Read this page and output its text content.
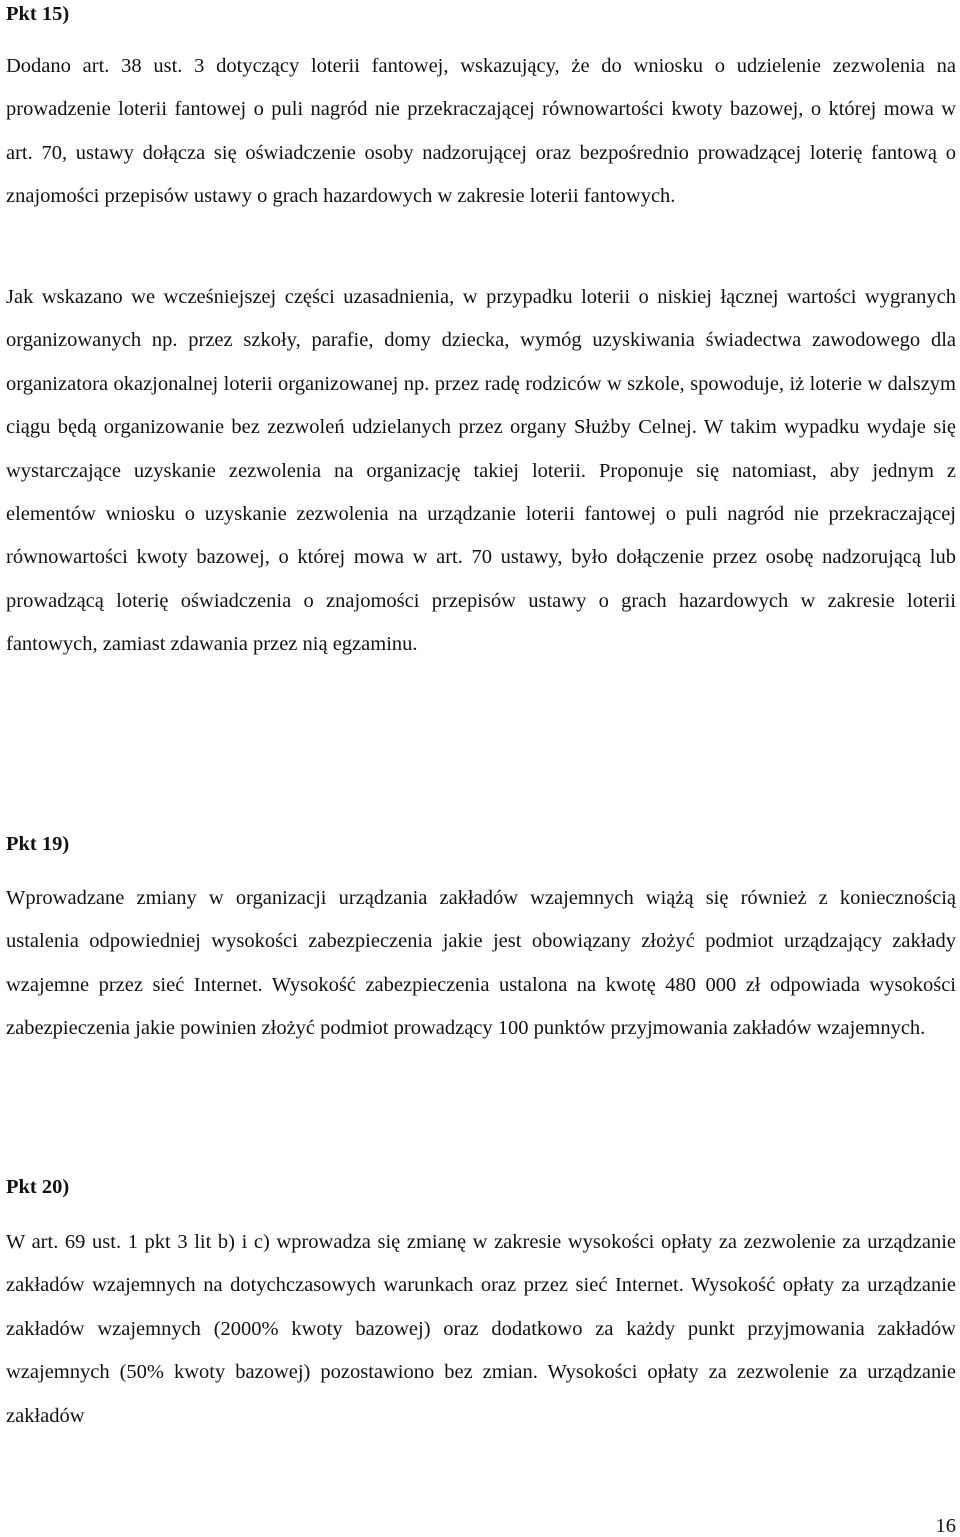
Pkt 15)

Dodano art. 38 ust. 3 dotyczący loterii fantowej, wskazujący, że do wniosku o udzielenie zezwolenia na prowadzenie loterii fantowej o puli nagród nie przekraczającej równowartości kwoty bazowej, o której mowa w art. 70, ustawy dołącza się oświadczenie osoby nadzorującej oraz bezpośrednio prowadzącej loterię fantową o znajomości przepisów ustawy o grach hazardowych w zakresie loterii fantowych.

Jak wskazano we wcześniejszej części uzasadnienia, w przypadku loterii o niskiej łącznej wartości wygranych organizowanych np. przez szkoły, parafie, domy dziecka, wymóg uzyskiwania świadectwa zawodowego dla organizatora okazjonalnej loterii organizowanej np. przez radę rodziców w szkole, spowoduje, iż loterie w dalszym ciągu będą organizowanie bez zezwoleń udzielanych przez organy Służby Celnej. W takim wypadku wydaje się wystarczające uzyskanie zezwolenia na organizację takiej loterii. Proponuje się natomiast, aby jednym z elementów wniosku o uzyskanie zezwolenia na urządzanie loterii fantowej o puli nagród nie przekraczającej równowartości kwoty bazowej, o której mowa w art. 70 ustawy, było dołączenie przez osobę nadzorującą lub prowadzącą loterię oświadczenia o znajomości przepisów ustawy o grach hazardowych w zakresie loterii fantowych, zamiast zdawania przez nią egzaminu.

Pkt 19)

Wprowadzane zmiany w organizacji urządzania zakładów wzajemnych wiążą się również z koniecznością ustalenia odpowiedniej wysokości zabezpieczenia jakie jest obowiązany złożyć podmiot urządzający zakłady wzajemne przez sieć Internet. Wysokość zabezpieczenia ustalona na kwotę 480 000 zł odpowiada wysokości zabezpieczenia jakie powinien złożyć podmiot prowadzący 100 punktów przyjmowania zakładów wzajemnych.

Pkt 20)

W art. 69 ust. 1 pkt 3 lit b) i c) wprowadza się zmianę w zakresie wysokości opłaty za zezwolenie za urządzanie zakładów wzajemnych na dotychczasowych warunkach oraz przez sieć Internet. Wysokość opłaty za urządzanie zakładów wzajemnych (2000% kwoty bazowej) oraz dodatkowo za każdy punkt przyjmowania zakładów wzajemnych (50% kwoty bazowej) pozostawiono bez zmian. Wysokości opłaty za zezwolenie za urządzanie zakładów

16
